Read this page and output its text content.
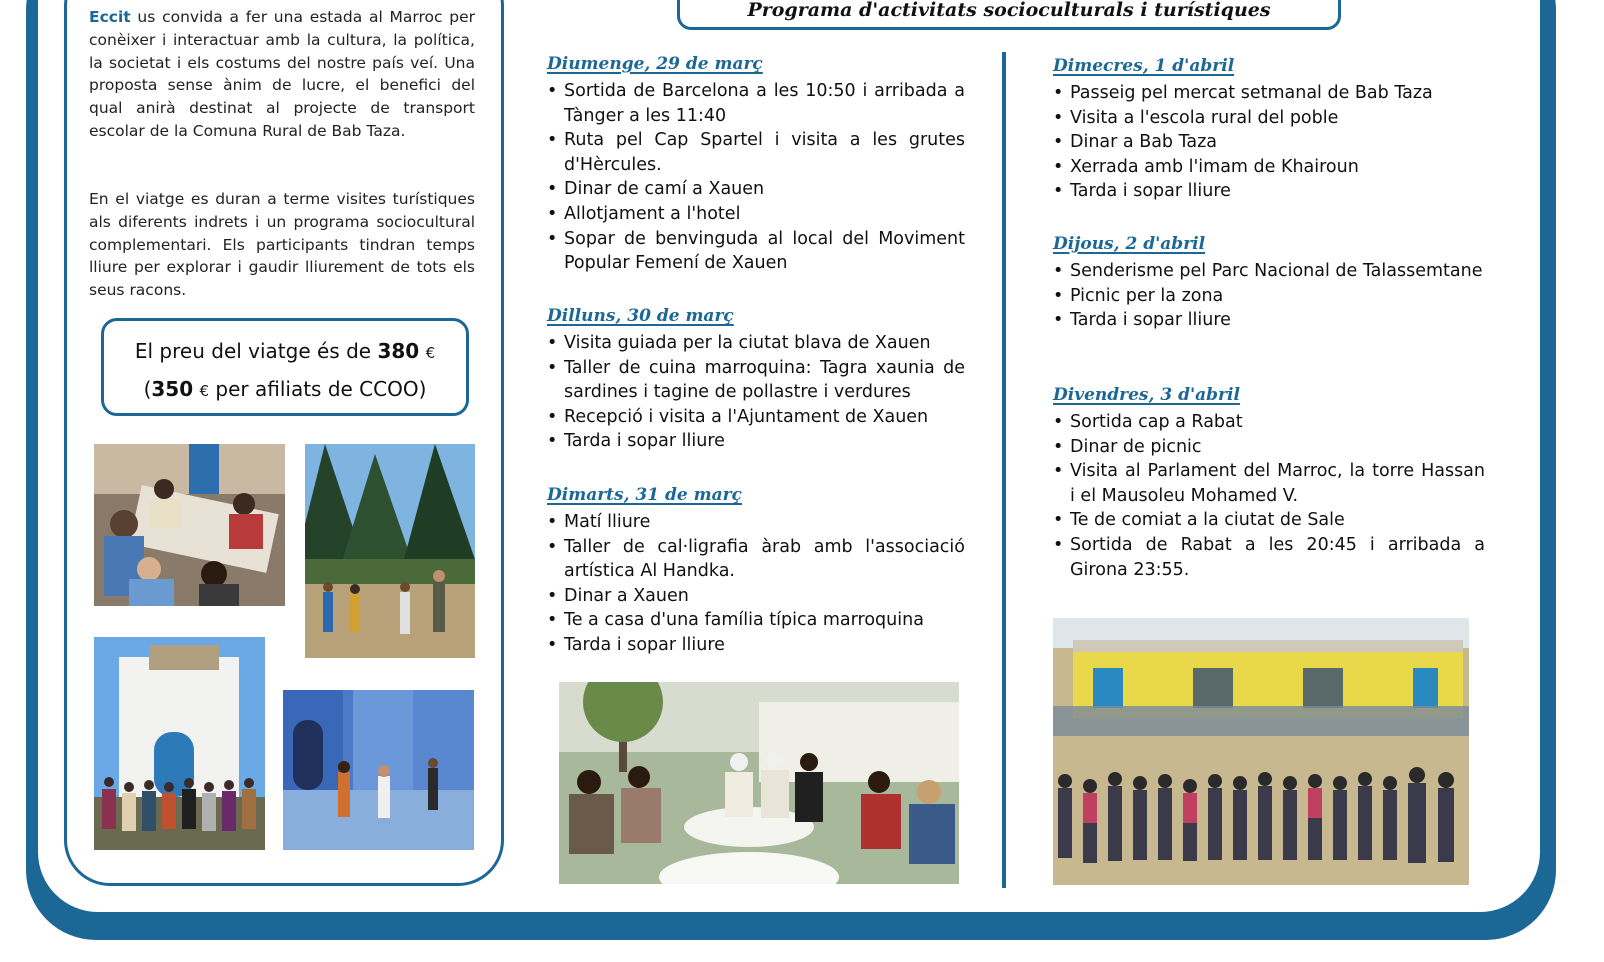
Eccit us convida a fer una estada al Marroc per conèixer i interactuar amb la cultura, la política, la societat i els costums del nostre país veí. Una proposta sense ànim de lucre, el benefici del qual anirà destinat al projecte de transport escolar de la Comuna Rural de Bab Taza.

En el viatge es duran a terme visites turístiques als diferents indrets i un programa sociocultural complementari. Els participants tindran temps lliure per explorar i gaudir lliurement de tots els seus racons.

El preu del viatge és de 380 €
(350 € per afiliats de CCOO)
Programa d'activitats socioculturals i turístiques
Diumenge, 29 de març
• Sortida de Barcelona a les 10:50 i arribada a Tànger a les 11:40
• Ruta pel Cap Spartel i visita a les grutes d'Hèrcules.
• Dinar de camí a Xauen
• Allotjament a l'hotel
• Sopar de benvinguda al local del Moviment Popular Femení de Xauen
Dilluns, 30 de març
• Visita guiada per la ciutat blava de Xauen
• Taller de cuina marroquina: Tagra xaunia de sardines i tagine de pollastre i verdures
• Recepció i visita a l'Ajuntament de Xauen
• Tarda i sopar lliure
Dimarts, 31 de març
• Matí lliure
• Taller de cal·ligrafia àrab amb l'associació artística Al Handka.
• Dinar a Xauen
• Te a casa d'una família típica marroquina
• Tarda i sopar lliure
Dimecres, 1 d'abril
• Passeig pel mercat setmanal de Bab Taza
• Visita a l'escola rural del poble
• Dinar a Bab Taza
• Xerrada amb l'imam de Khairoun
• Tarda i sopar lliure
Dijous, 2 d'abril
• Senderisme pel Parc Nacional de Talassemtane
• Picnic per la zona
• Tarda i sopar lliure
Divendres, 3 d'abril
• Sortida cap a Rabat
• Dinar de picnic
• Visita al Parlament del Marroc, la torre Hassan i el Mausoleu Mohamed V.
• Te de comiat a la ciutat de Sale
• Sortida de Rabat a les 20:45 i arribada a Girona 23:55.
